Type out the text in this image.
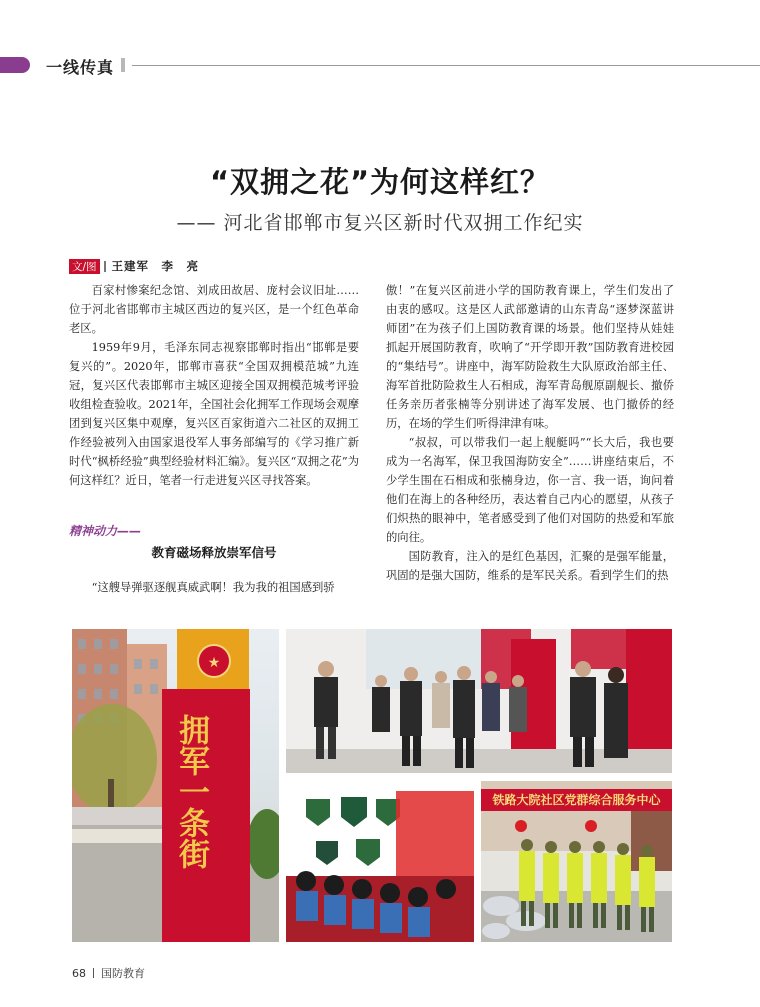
一线传真
“双拥之花”为何这样红？
—— 河北省邯郸市复兴区新时代双拥工作纪实
文/图 王建军　李　亮

百家村惨案纪念馆、刘成田故居、庞村会议旧址……位于河北省邯郸市主城区西边的复兴区，是一个红色革命老区。

1959年9月，毛泽东同志视察邯郸时指出“邯郸是要复兴的”。2020年，邯郸市喜获“全国双拥模范城”九连冠，复兴区代表邯郸市主城区迎接全国双拥模范城考评验收组检查验收。2021年，全国社会化拥军工作现场会观摩团到复兴区集中观摩，复兴区百家街道六二社区的双拥工作经验被列入由国家退役军人事务部编写的《学习推广新时代“枫桥经验”典型经验材料汇编》。复兴区“双拥之花”为何这样红？近日，笔者一行走进复兴区寻找答案。

精神动力——
教育磁场释放崇军信号

“这艘导弹驱逐舰真威武啊！我为我的祖国感到骄

傲！”在复兴区前进小学的国防教育课上，学生们发出了由衷的感叹。这是区人武部邀请的山东青岛“逐梦深蓝讲师团”在为孩子们上国防教育课的场景。他们坚持从娃娃抓起开展国防教育，吹响了“开学即开教”国防教育进校园的“集结号”。讲座中，海军防险救生大队原政治部主任、海军首批防险救生人石相成，海军青岛舰原副舰长、撤侨任务亲历者张楠等分别讲述了海军发展、也门撤侨的经历，在场的学生们听得津津有味。

“叔叔，可以带我们一起上舰艇吗”“长大后，我也要成为一名海军，保卫我国海防安全”……讲座结束后，不少学生围在石相成和张楠身边，你一言、我一语，询问着他们在海上的各种经历，表达着自己内心的愿望，从孩子们炽热的眼神中，笔者感受到了他们对国防的热爱和军旅的向往。

国防教育，注入的是红色基因，汇聚的是强军能量，巩固的是强大国防，维系的是军民关系。看到学生们的热

★
拥军一条街	铁路大院社区党群综合服务中心
68 国防教育
